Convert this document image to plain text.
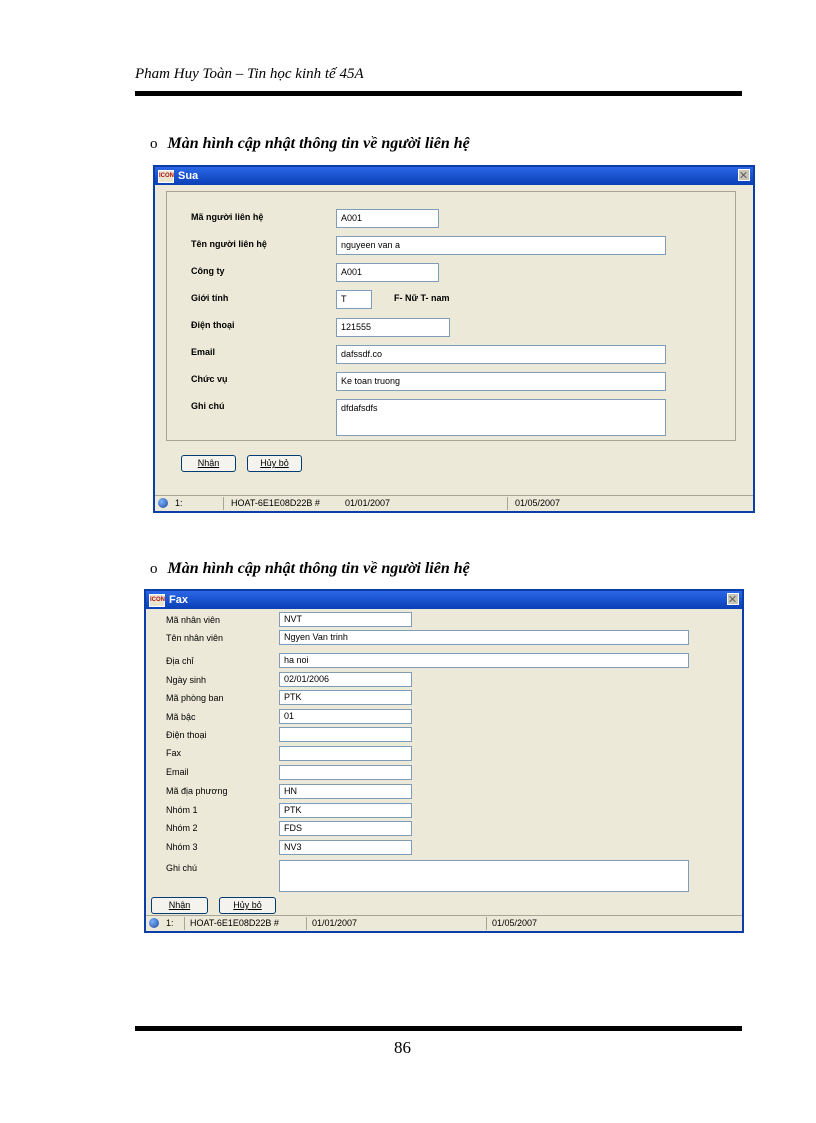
Pham Huy Toàn – Tin học kinh tế 45A
o Màn hình cập nhật thông tin về người liên hệ
ICON Sua
Mã người liên hệ	A001
Tên người liên hệ	nguyeen van a
Công ty	A001
Giới tính	T	F- Nữ T- nam
Điện thoại	121555
Email	dafssdf.co
Chức vụ	Ke toan truong
Ghi chú	dfdafsdfs
Nhận	Hủy bỏ
1:	HOAT-6E1E08D22B #	01/01/2007	01/05/2007
o Màn hình cập nhật thông tin về người liên hệ
ICON Fax
Mã nhân viên	NVT
Tên nhân viên	Ngyen Van trinh
Địa chỉ	ha noi
Ngày sinh	02/01/2006
Mã phòng ban	PTK
Mã bậc	01
Điện thoại
Fax
Email
Mã địa phương	HN
Nhóm 1	PTK
Nhóm 2	FDS
Nhóm 3	NV3
Ghi chú
Nhận	Hủy bỏ
1: HOAT-6E1E08D22B #	01/01/2007	01/05/2007
86
